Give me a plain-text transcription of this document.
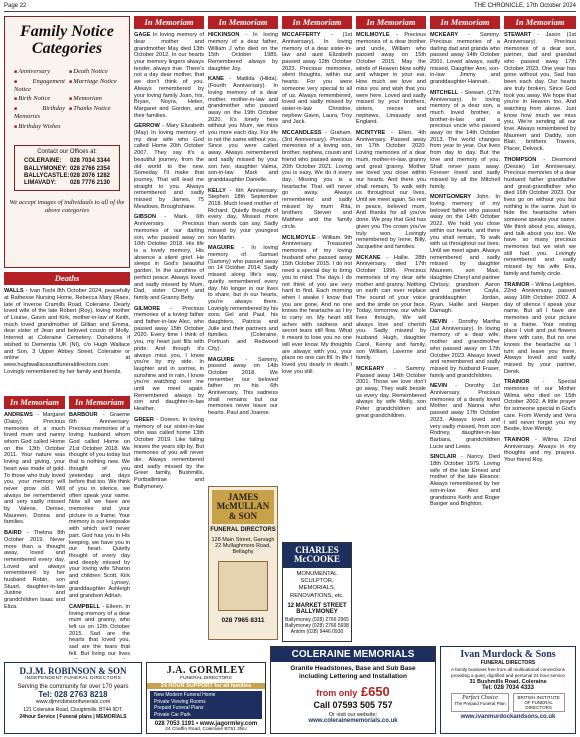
Page 22	THE CHRONICLE, 17th October 2024
Family Notice Categories
■ Anniversary	■ Death Notice
■ Engagement Notice
■ Marriage Notice
■ Birth Notice	■ Memoriam
■ Birthday Memories
■ Thanks Notice
■ Birthday Wishes
Contact our Offices at:
COLERAINE: 028 7034 3344
BALLYMONEY: 028 2766 2354
BALLYCASTLE: 028 2076 1282
LIMAVADY: 028 7776 2130
We accept images of individuals to all of the above categories
Deaths

WALLS - Ivan Toshi 8th October 2024, peacefully at Rathesse Nursing Home, Rebecca Mary (Raes, late of Inveroe Cramills Road, Coleraine. Dearly loved wife of the late Robert (Roy), loving mother of Louise, Gavin and Kirk, mother-in-law of Keith, much loved grandmother of Gillian and Emma, dear sister of Jean and beloved cousin of Molly. Interred at Coleraine Cemetery. Donations if wished to Dementia UK (NI), c/o Hugh Wallace and Son, 3 Upper Abbey Street, Coleraine or online at www.hughwallaceandfuneraldirectors.com. Lovingly remembered by her family and friends.

In Memoriam

ANDREWS - Margaret (Daisy). Precious memories of a much loved mum and nanny whom God called Home on the 13th October 2011. Your nature was loving and giving, your heart was made of gold. To those who truly loved you, your memory will never grow old. Will always be remembered and very sadly missed by Valerie, Denise, Maureen, Donna and families.

BAIRD - Thelma 8th October 2019. Never more than a thought away, loved and remembered every day. Loved and always remembered by her husband Robin, son Stuart, daughter-in-law Justine and grandchildren Isaac and Eliza.

In Memoriam

BARBOUR - Graeme 6th Anniversary. Precious memories of a loving husband whom God called Home on 21st October 2018. We thought of you today but that is nothing new. We thought of you yesterday and days before that too. We think of you in silence, we often speak your name. Now all we have are memories and your picture in a frame. Your memory is our keepsake with which we'll never part. God has you in His keeping, we have you in our heart. Quietly thought of every day and deeply missed by your loving wife Sharon and children Scott, Kirk and Lynsey, granddaughter Ashleigh and grandson Adrian.

CAMPBELL - Eileen. In loving memory of a dear mum and granny, who left us on 12th October 2015. Sad are the hearts that loved you, sad are the tears that fell. But living our lives

In Memoriam

GAGE In loving memory of dear mother and grandmother May died 13th October 2012. In our hearts your memory lingers always tender, always true. There's not a day dear mother, that we don't think of you. Always remembered by your loving family Joan, Iris, Bryan, Noyra, Helen, Margaret and Gordon, and their families.

GERROW - Mary Elizabeth (May) In loving memory of my dear wife who God called Home 20th October 2007. They say it's a beautiful journey, from the old world to the new. Someday I'll make that journey, That will lead me straight to you. Always remembered and sadly missed by James, 75 Meadows, Broughshane.

GIBSON - Mark. 6th Anniversary. Precious memories of our darling son, who passed away on 10th October 2018. His life is a lovely memory, His absence a silent grief. He sleeps in God's beautiful garden, In the sunshine of perfect peace. Always loved and sadly missed by Mum, Dad, sister Cheryl and family and Granny Betty.

GILMORE - Precious memories of a loving father and father-in-law Alec, who passed away 15th October 2020. Every time I think of you, my heart just fills with pride. And though it's always miss you, I know you're by my side. In laughter and in sorrow, in sunshine and in rain, I know you're watching over me until we meet again. Remembered always by son and daughter-in-law Heather.

GREER - Doreen. In loving memory of our sister-in-law who was called home 13th October 2019. Like falling leaves the years slip by, But memories of you will never die. Always remembered and sadly missed by the Greer family, Bushmills, Portballintrae and Ballymoney.

In Memoriam

HICKINSON - In loving memory of a dear father, William J who died on the 15th October 1985. Remembered always by daughter Joy.

KANE - Matilda (Hilda). (Fourth Anniversary). In loving memory of a dear mother, mother-in-law and grandmother who passed away on the 19th October 2020. It's lonely here without you Mum, we miss you more each day. For life is not the same without you, Since you were called away. Always remembered and sadly missed by your son Ivor, daughter Valma, son-in-law Mark and granddaughter Danielle.

KELLY - 6th Anniversary. Stephen 18th September 2018. Much loved mother of Richard. Quietly thought of every day, Missed more than words can say. Sadly missed by your youngest son Martin.

MAGUIRE - In loving memory of Samuel (Sammy) who passed away on 14 October 2014. Sadly missed along life's way, quietly remembered every day. No longer in our lives to share, but in our hearts, you're always there. Lovingly remembered by his sons Gel and Paul, his daughters, Patricia and Julie and their partners and families. (Coleraine, Portrush and Redwood City).

MAGUIRE - Sammy, passed away on 14th October 2018. We remember our beloved father on his 6th Anniversary. This sadness shall remains but our memories never leave our hearts. Paul and Joanne.

In Memoriam

MCCAFFERTY - (1st Anniversary). In loving memory of a dear sister-in-law and aunt Elizabeth passed away 12th October 2023. Precious memories, silent thoughts, within our hearts. For you were someone very special to all of us. Always remembered, loved and sadly missed by sister-in-law Christine, nephew Gavin, Laura, Troy and Jack.

MCCANDLESS - Graham. (3rd Anniversary). Precious memories of a loving son, brother, nephew, cousin and friend who passed away on 20th October 2021. Loving you is easy, We do it every day. Missing you is a heartache That will never go away. Always remembered and sadly missed by mum Rita, brothers Steven and Matthew and the family circle.

MCILMOYLE - William. 9th Anniversary. Treasured memories of my loving husband who passed away 15th October 2015. I do not need a special day to bring you to mind. The days I do not think of you are very hard to find. Each morning when I awake I know that you are gone, And no one knows the heartache as I try to carry on. My heart still aches with sadness and secret tears still flow. What it meant to lose you no one will ever know. My thoughts are always with you, your place no one can fill. In life I loved you dearly in death I love you still.

In Memoriam

MCILMOYLE - Precious memories of a dear brother and uncle, William who passed away on 15th October 2015. May the winds of Heaven blow softly and whisper in your ear. How much we love and miss you and wish that you were here. Loved and sadly missed by your brothers, sisters, nieces and nephews, Limavady and England.

MCINTYRE - Ellen. 4th Anniversary. Passed away on 17th October 2020. Loving memories of a dear mum, mother-in-law, granny and great granny. Mother we loved you close within our hearts. And there you shall remain, To walk with us throughout our lives, Until we meet again. So rest in peace, beloved mum, And thanks for all you've done. We pray that God has given you The crown you've truly won. Lovingly remembered by Irene, Billy, Jacqueline and families.

MCKANE - Hallie. 28th Anniversary, died 17th October 1996. Precious memories of my dear wife mother and granny. Nothing on earth can ever replace The sound of your voice and the smile on your face. Today, tomorrow, our whole lives through, We will always love and cherish you. Sadly missed by husband Hugh, daughter Carol, Kenny and family, son William, Laverne and family.

MCKEARY - Sammy. Passed away 14th October 2001. Those we love don't go away, They walk beside us every day. Remembered always by wife Molly, son Peter grandchildren and great grandchildren.

In Memoriam

MCKEARY - Sammy. Precious memories of a darling dad and granda who passed away 14th October 2001. Loved always, sadly missed. Daughter Ann, son-in-law Jimmy and granddaughter Hannah.

MITCHELL - Stewart. (17th Anniversary). In loving memory of a dear son, a much loved brother, a brother-in-law and a precious uncle who passed away on the 14th October 2013. The world changes from year to year. Our lives from day to day. But the love and memory of you, Shall never pass away. Forever loved and sadly missed by all the Mitchell family.

MONTGOMERY John. In loving memory of my beloved father who passed away on the 14th October 2022. We hold you close within our hearts, and there you shall remain, To walk with us throughout our lives, Until we meet again. Always remembered and sadly missed by daughter Maureen, son Maxi, daughter Cheryl and partner Chrissy, grandson Aaron and partner Cayla, granddaughter Jordan, Ryan, Hallie and Harper. Damagh.

NEVIN - Dorothy Martha (1st Anniversary). In loving memory of a dear wife, mother and grandmother who passed away on 17th October 2023. Always loved and remembered and sadly missed by husband Fraser, family and grandchildren.

NEVIN - Dorothy 1st Anniversary. Precious memories of a dearly loved Mother and Nanna who passed away 17th October 2023. Always loved and very sadly missed, from son Rodney, daughter-in-law Barbara, grandchildren Lucie and Lewis.

SINCLAIR - Nancy. Died 18th October 1979. Loving wife of the late Ernest and mother of the late Eleanor. Always remembered by her son-in-law Alex and grandsons Keith and Roger Banger and Brighton.

In Memoriam

STEWART - Jason (1st Anniversary). Precious memories of a dear son, partner, dad and grandad who passed away 17th October 2023. One year has gone without you, Sad has been each day. Our hearts are truly broken, Since God took you away. We hope that you're in Heaven too, And watching from above. Just know how much we miss you, We're sending all our love. Always remembered by Maureen and Daddy, son Blair, brothers Travers, Placer, Delvock.

THOMPSON - Desmond (Dessie) 1st Anniversary. Precious memories of a dear husband father grandfather and great-grandfather who died 16th October 2023. Our lives go on without you but nothing is the same. Just to hide the heartache when someone speaks your name. We think about you, always, and talk about you too. We have so many precious memories but we wish we still had you. Lovingly remembered and sadly missed by his wife Ena, family and family circle.

TRAINOR - Wilma Leighton. 22nd Anniversary, passed away 16th October 2002. A day of silence I speak your name, But all I have are memories and your picture in a frame. Your resting place I visit and put flowers there with care, But no one knows the heartache as I turn and leave you there. Always loved and sadly missed by your partner, Derek.

TRAINOR - Special memories of our Mother Wilma who died on 15th October 2002. A little prayer for someone special in God's care. From Wendy and Vera I will never forget you my Bestie, love Wendy.

TRAINOR - Wilma 22nd Anniversary. Always in my thoughts and my prayers. Your friend Roy.

JAMES McMULLAN & SON
FUNERAL DIRECTORS
128 Main Street, Garvagh
22 Mullaghmore Road, Bellaghy
028 7965 8311
CHARLES McCOOKE
MONUMENTAL SCULPTOR, MEMORIALS, RENOVATIONS, etc.
12 MARKET STREET BALLYMONEY
Ballymoney (028) 2766 2965
Ballymoney (028) 2766 5938
Antrim (028) 9446 0930
D.J.M. ROBINSON & SON
INDEPENDENT FUNERAL DIRECTORS
Serving the community for over 170 years
Tel: 028 2763 8218
www.djmrobinsonfunerals.com
121 Coleraine Road, Cloughmills. BT44 9DT.
24hour Service | Funeral plans | MEMORIALS
J.A. GORMLEY
FUNERAL DIRECTORS
24 HOUR SUPPORT for all families
New Modern Funeral Home
Private Viewing Rooms
Prepaid Funeral Plans
Private Car Park
028 7053 1191 • www.jagormley.com
24 Chaffin Road, Coleraine BT51 3NU
COLERAINE MEMORIALS
Granite Headstones, Base and Sub Base including Lettering and Installation
from only £650
Call 07593 505 757
Or visit our website:
www.colerainememorials.co.uk
Ivan Murdock & Sons
FUNERAL DIRECTORS
A family business free from all multinational connections providing a quiet, dignified and personal 24 hour service
31 Bushmills Road, Coleraine
Tel: 028 7034 4333
Perfect Choice
The Prepaid Funeral Plan
BRITISH INSTITUTE OF FUNERAL DIRECTORS
www.ivanmurdockandsons.co.uk
